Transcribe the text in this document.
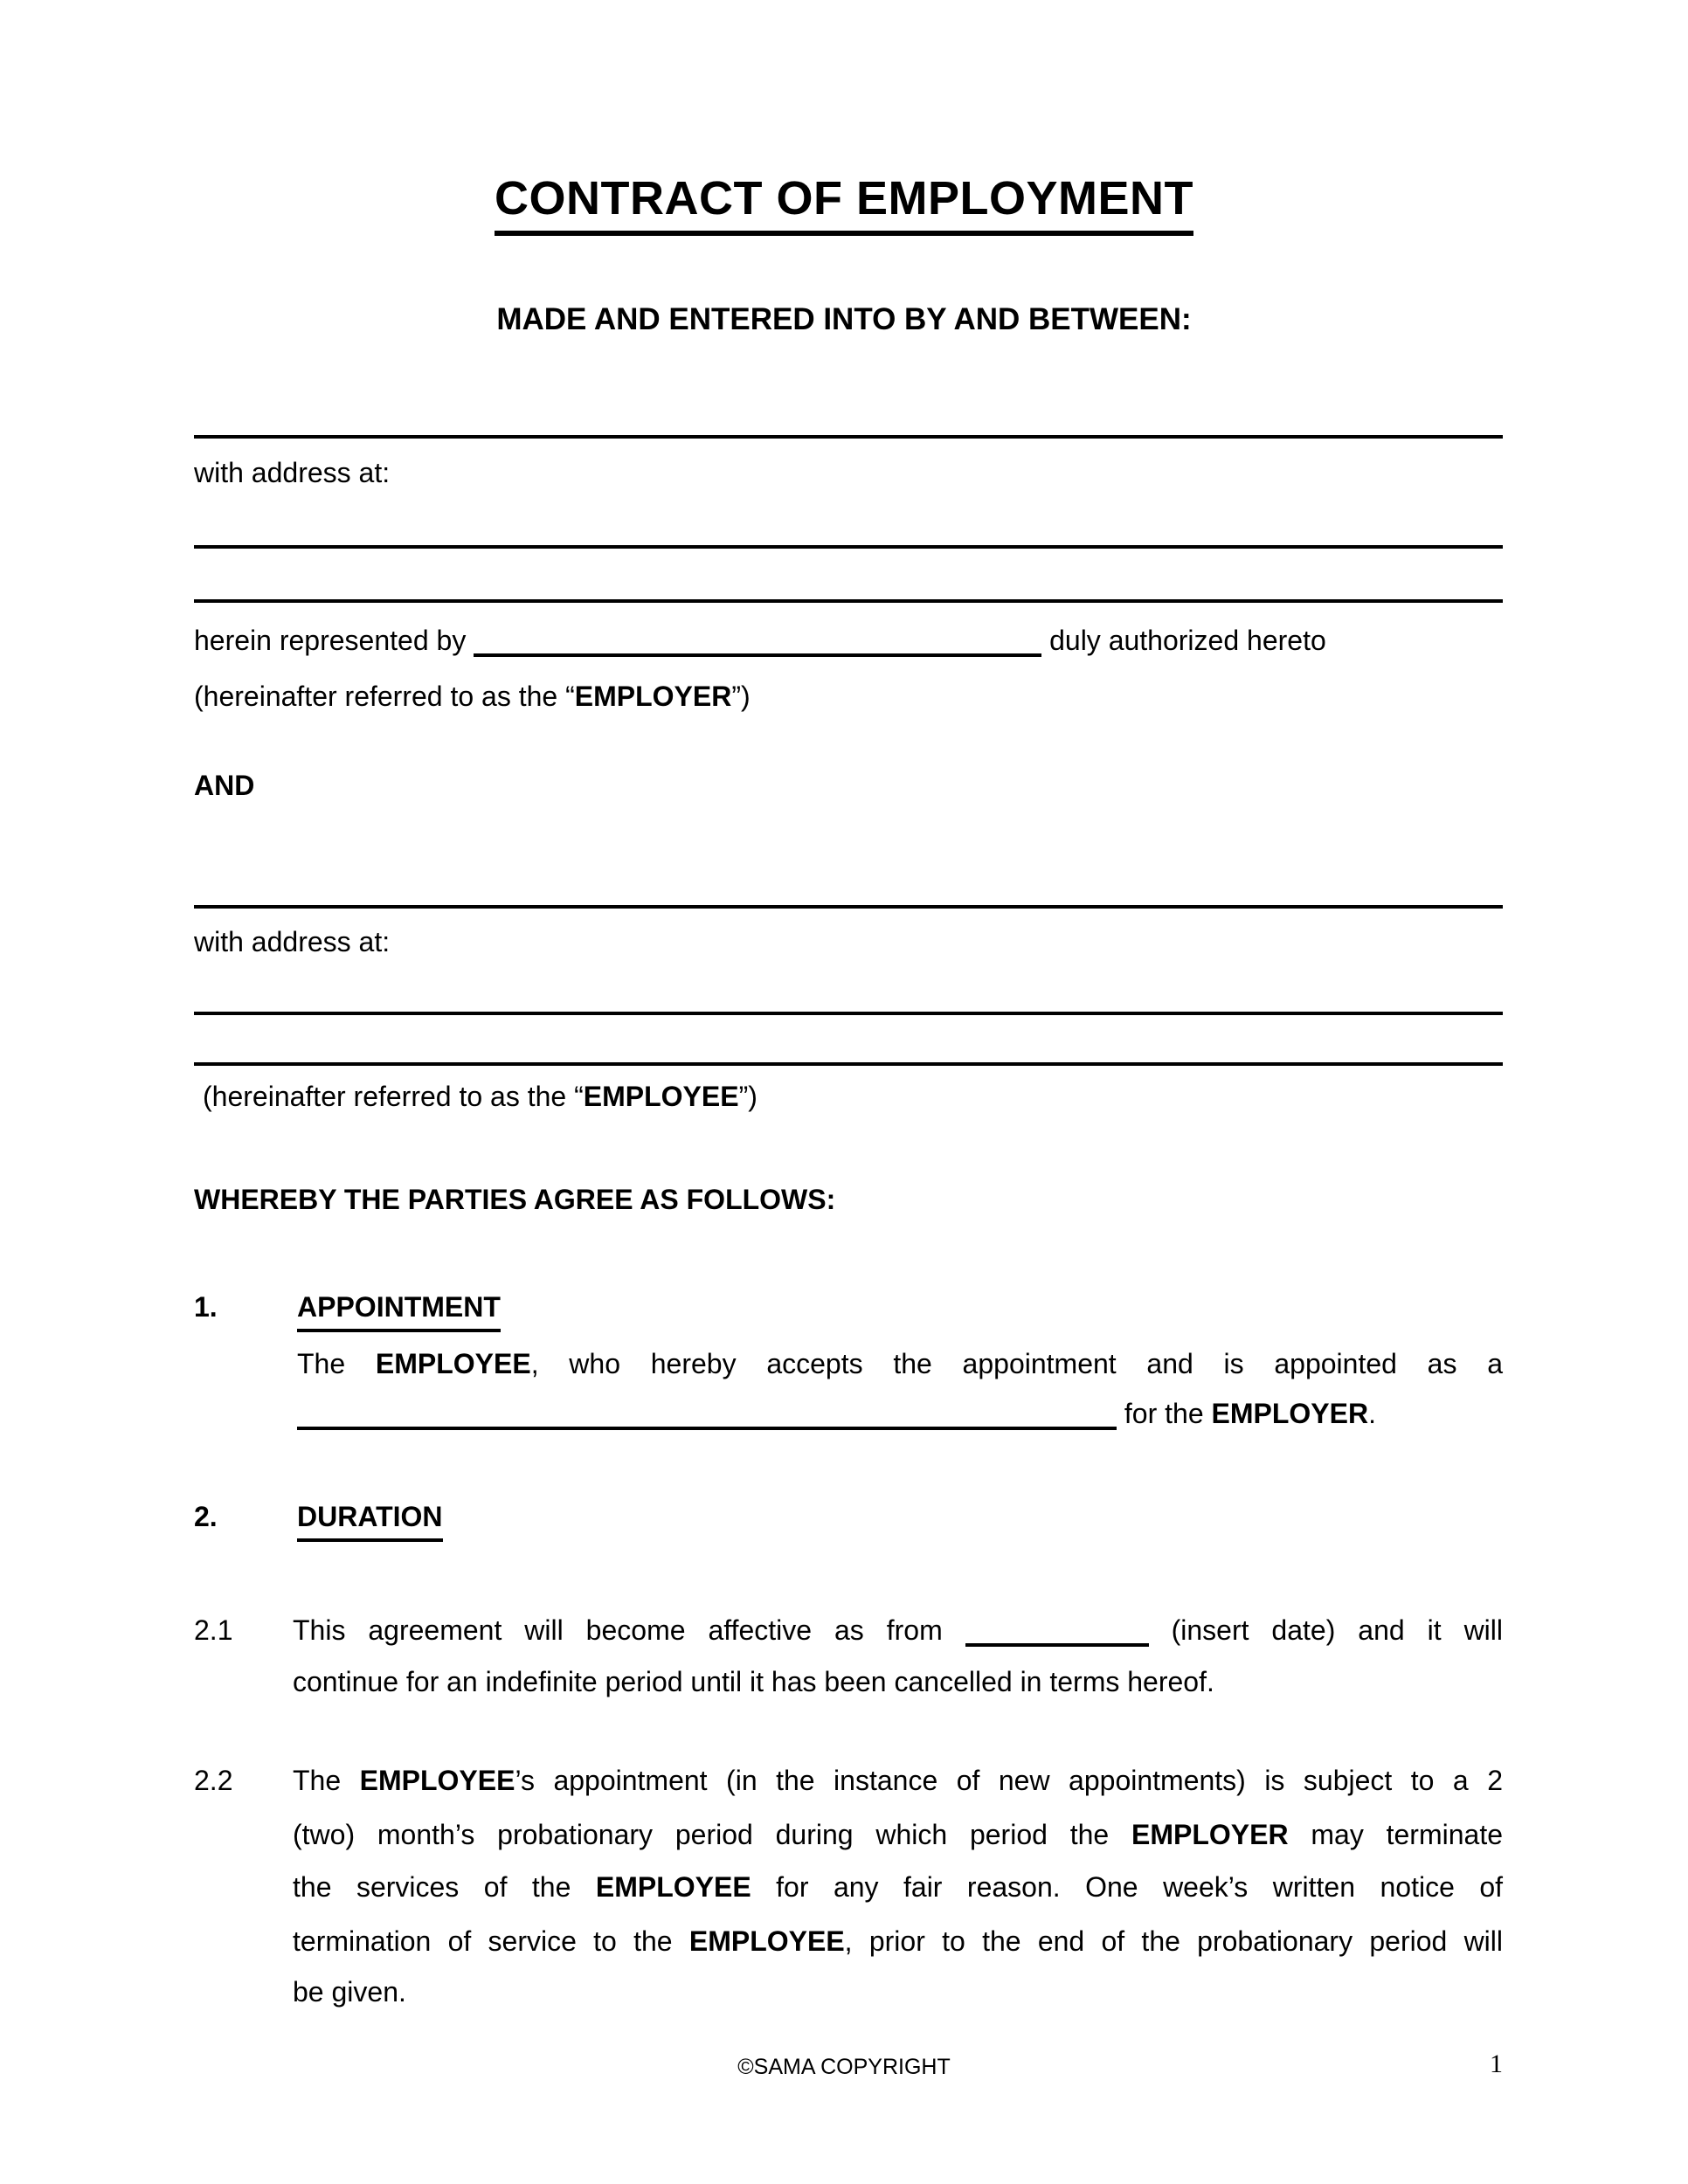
CONTRACT OF EMPLOYMENT
MADE AND ENTERED INTO BY AND BETWEEN:
with address at:
herein represented by	duly authorized hereto
(hereinafter referred to as the “EMPLOYER”)
AND
with address at:
(hereinafter referred to as the “EMPLOYEE”)
WHEREBY THE PARTIES AGREE AS FOLLOWS:
1.	APPOINTMENT
The EMPLOYEE, who hereby accepts the appointment and is appointed as a
for the EMPLOYER.
2.	DURATION
2.1 This agreement will become affective as from	(insert date) and it will
continue for an indefinite period until it has been cancelled in terms hereof.
2.2 The EMPLOYEE’s appointment (in the instance of new appointments) is subject to a 2
(two) month’s probationary period during which period the EMPLOYER may terminate
the services of the EMPLOYEE for any fair reason. One week’s written notice of
termination of service to the EMPLOYEE, prior to the end of the probationary period will
be given.
©SAMA COPYRIGHT	1
